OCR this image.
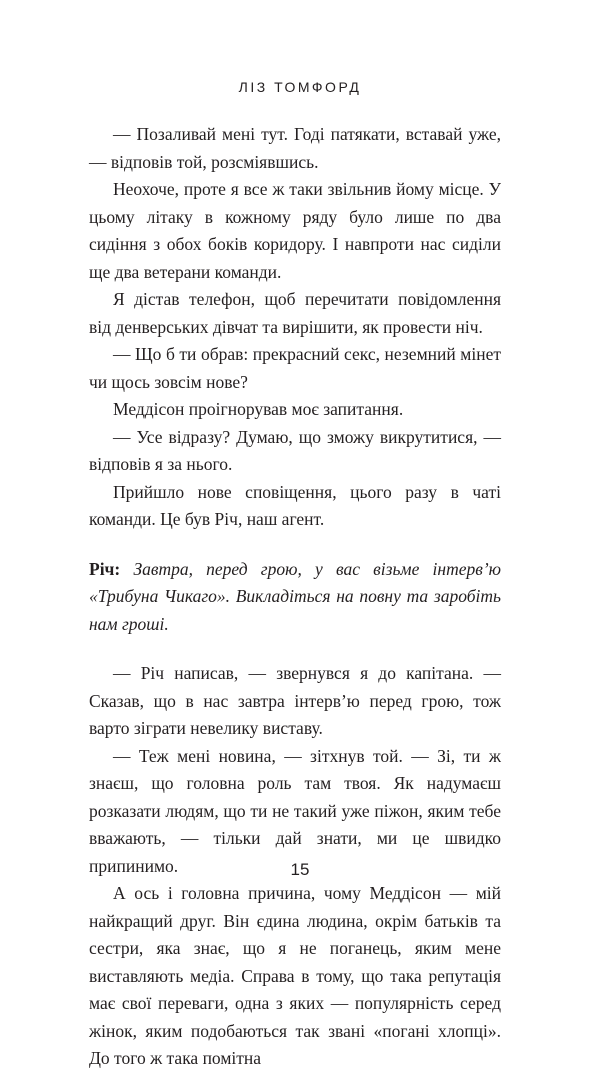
ЛІЗ ТОМФОРД

— Позаливай мені тут. Годі патякати, вставай уже, — відповів той, розсміявшись.

Неохоче, проте я все ж таки звільнив йому місце. У цьому літаку в кожному ряду було лише по два сидіння з обох боків коридору. І навпроти нас сиділи ще два ветерани команди.

Я дістав телефон, щоб перечитати повідомлення від денверських дівчат та вирішити, як провести ніч.

— Що б ти обрав: прекрасний секс, неземний мінет чи щось зовсім нове?

Меддісон проігнорував моє запитання.

— Усе відразу? Думаю, що зможу викрутитися, — відповів я за нього.

Прийшло нове сповіщення, цього разу в чаті команди. Це був Річ, наш агент.

Річ: Завтра, перед грою, у вас візьме інтерв’ю «Трибуна Чикаго». Викладіться на повну та заробіть нам гроші.

— Річ написав, — звернувся я до капітана. — Сказав, що в нас завтра інтерв’ю перед грою, тож варто зіграти невелику виставу.

— Теж мені новина, — зітхнув той. — Зі, ти ж знаєш, що головна роль там твоя. Як надумаєш розказати людям, що ти не такий уже піжон, яким тебе вважають, — тільки дай знати, ми це швидко припинимо.

А ось і головна причина, чому Меддісон — мій найкращий друг. Він єдина людина, окрім батьків та сестри, яка знає, що я не поганець, яким мене виставляють медіа. Справа в тому, що така репутація має свої переваги, одна з яких — популярність серед жінок, яким подобаються так звані «погані хлопці». До того ж така помітна

15
